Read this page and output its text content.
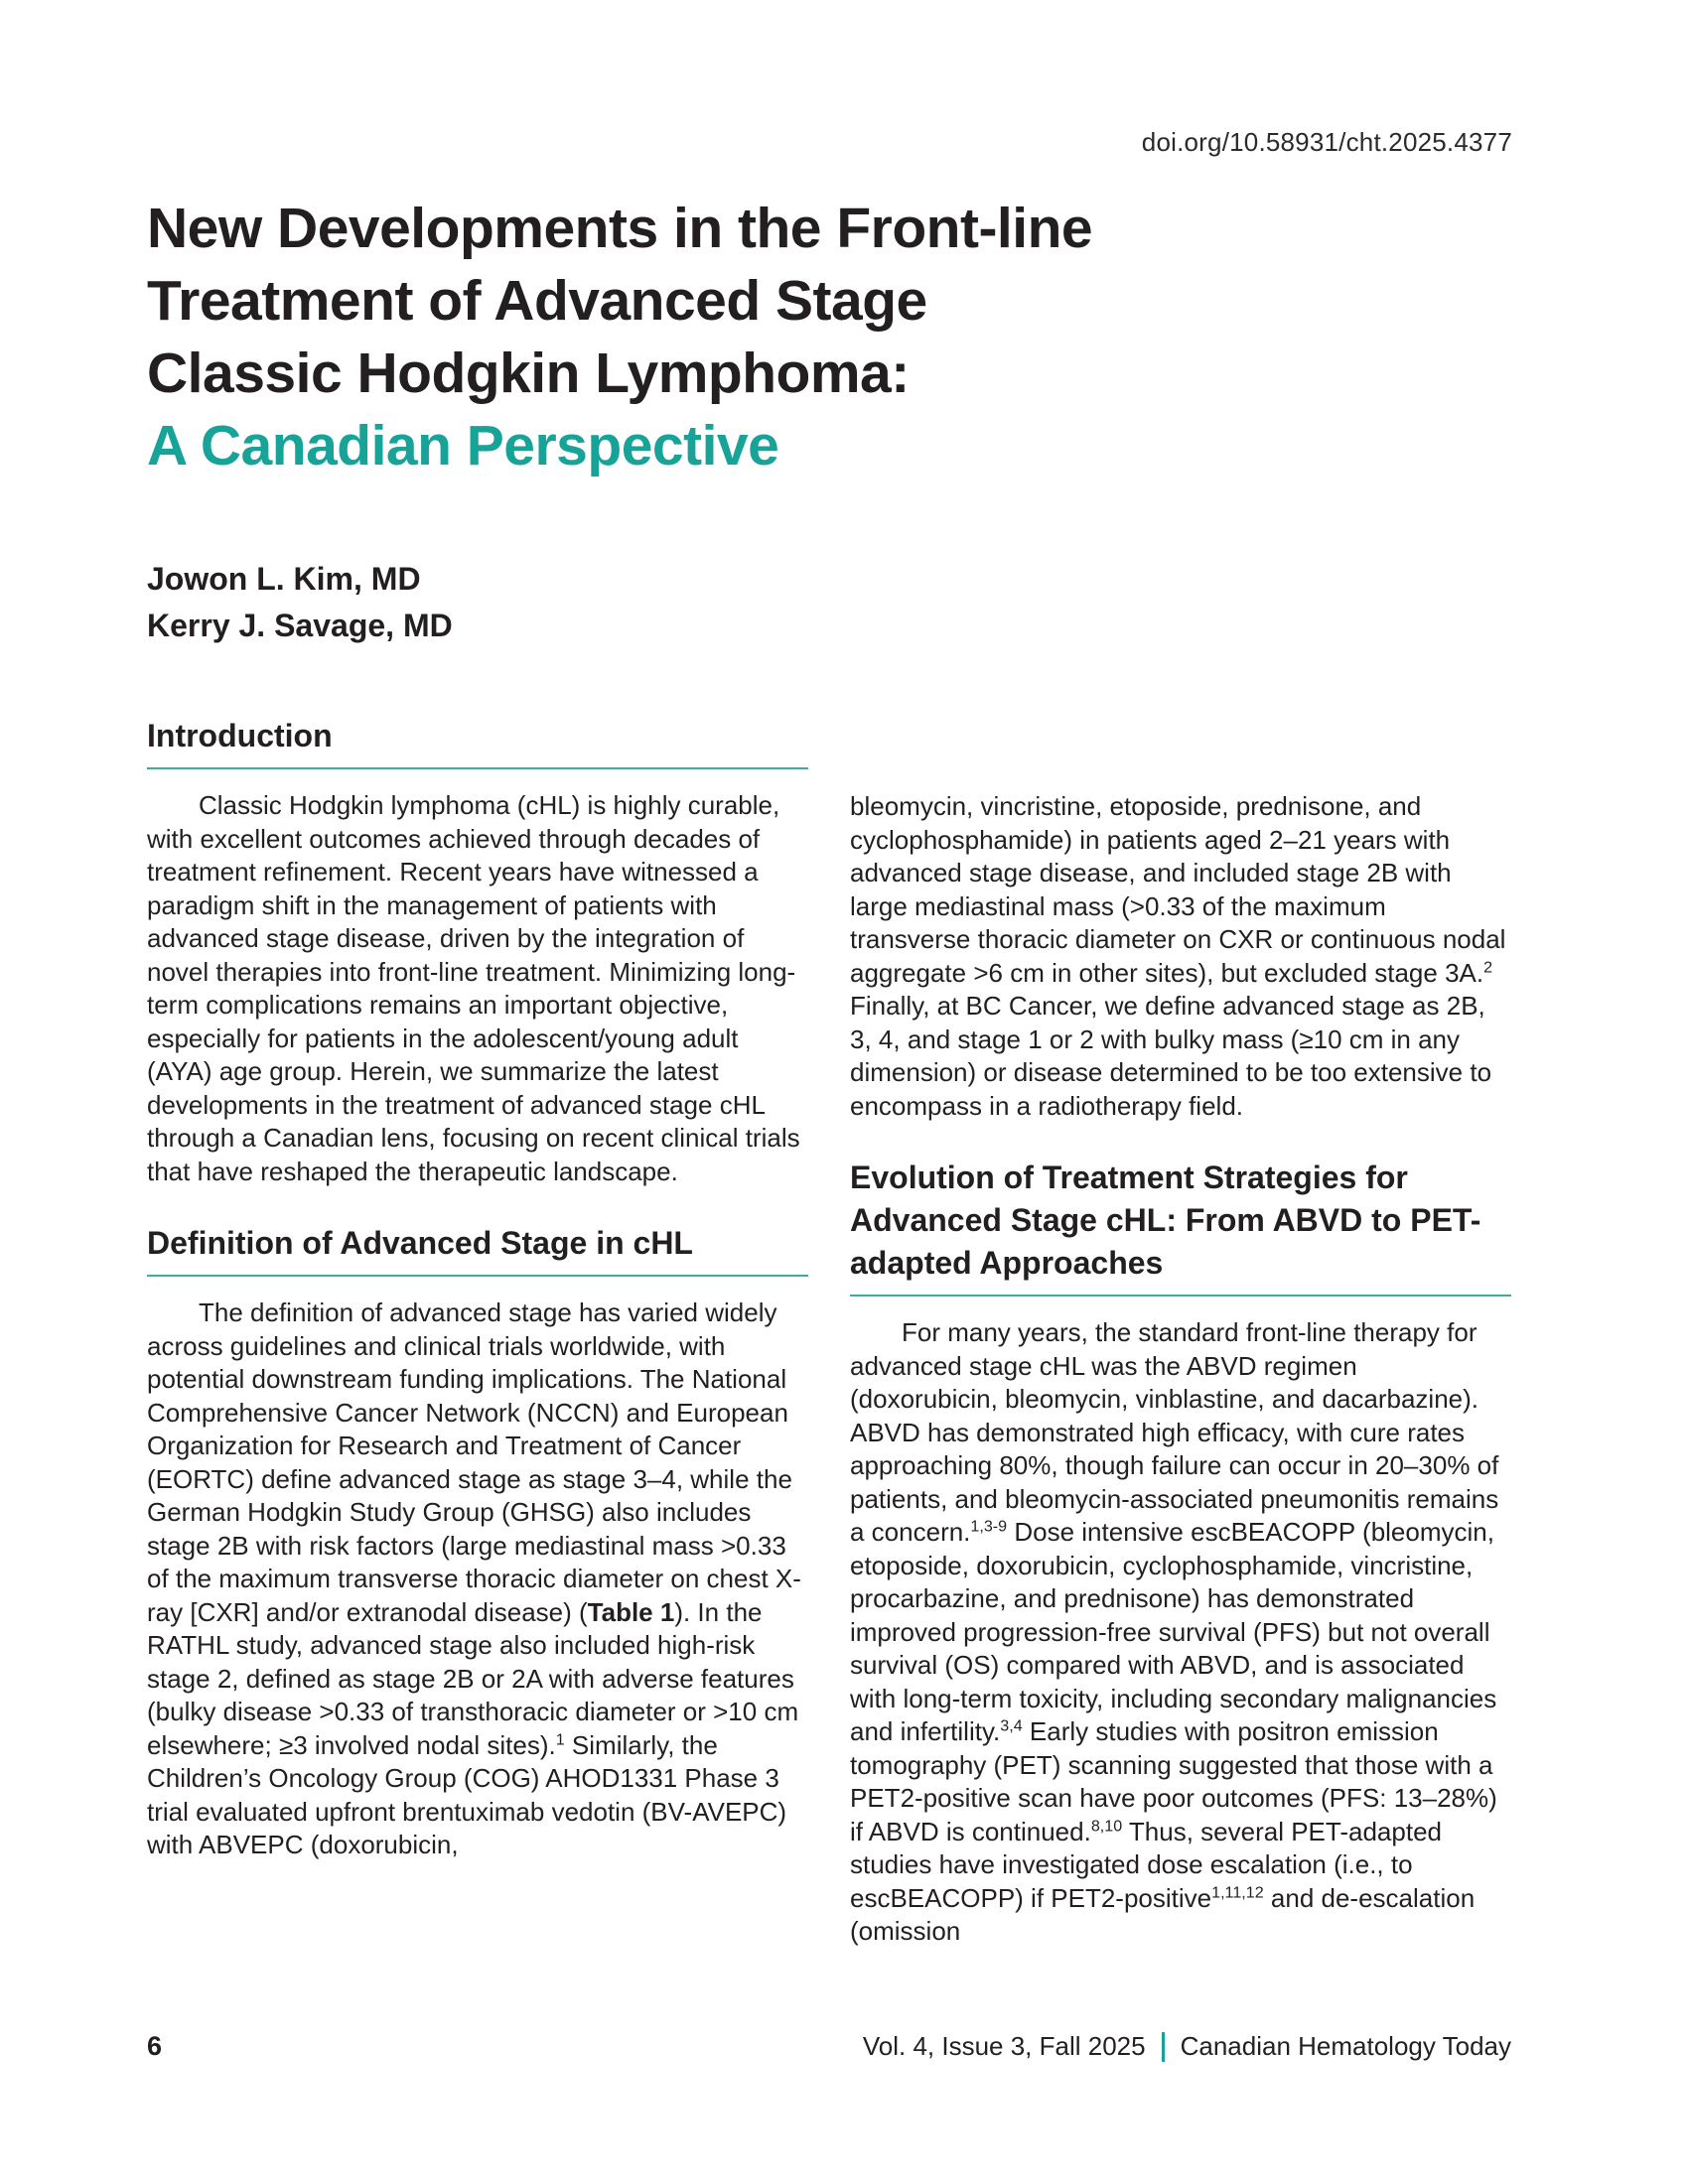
doi.org/10.58931/cht.2025.4377
New Developments in the Front-line
Treatment of Advanced Stage
Classic Hodgkin Lymphoma:
A Canadian Perspective
Jowon L. Kim, MD
Kerry J. Savage, MD
Introduction

Classic Hodgkin lymphoma (cHL) is highly curable, with excellent outcomes achieved through decades of treatment refinement. Recent years have witnessed a paradigm shift in the management of patients with advanced stage disease, driven by the integration of novel therapies into front-line treatment. Minimizing long-term complications remains an important objective, especially for patients in the adolescent/young adult (AYA) age group. Herein, we summarize the latest developments in the treatment of advanced stage cHL through a Canadian lens, focusing on recent clinical trials that have reshaped the therapeutic landscape.

Definition of Advanced Stage in cHL

The definition of advanced stage has varied widely across guidelines and clinical trials worldwide, with potential downstream funding implications. The National Comprehensive Cancer Network (NCCN) and European Organization for Research and Treatment of Cancer (EORTC) define advanced stage as stage 3–4, while the German Hodgkin Study Group (GHSG) also includes stage 2B with risk factors (large mediastinal mass >0.33 of the maximum transverse thoracic diameter on chest X-ray [CXR] and/or extranodal disease) (Table 1). In the RATHL study, advanced stage also included high-risk stage 2, defined as stage 2B or 2A with adverse features (bulky disease >0.33 of transthoracic diameter or >10 cm elsewhere; ≥3 involved nodal sites).$^1$ Similarly, the Children’s Oncology Group (COG) AHOD1331 Phase 3 trial evaluated upfront brentuximab vedotin (BV-AVEPC) with ABVEPC (doxorubicin,

bleomycin, vincristine, etoposide, prednisone, and cyclophosphamide) in patients aged 2–21 years with advanced stage disease, and included stage 2B with large mediastinal mass (>0.33 of the maximum transverse thoracic diameter on CXR or continuous nodal aggregate >6 cm in other sites), but excluded stage 3A.$^2$ Finally, at BC Cancer, we define advanced stage as 2B, 3, 4, and stage 1 or 2 with bulky mass (≥10 cm in any dimension) or disease determined to be too extensive to encompass in a radiotherapy field.

Evolution of Treatment Strategies for Advanced Stage cHL: From ABVD to PET-adapted Approaches

For many years, the standard front-line therapy for advanced stage cHL was the ABVD regimen (doxorubicin, bleomycin, vinblastine, and dacarbazine). ABVD has demonstrated high efficacy, with cure rates approaching 80%, though failure can occur in 20–30% of patients, and bleomycin-associated pneumonitis remains a concern.$^{1,3-9}$ Dose intensive escBEACOPP (bleomycin, etoposide, doxorubicin, cyclophosphamide, vincristine, procarbazine, and prednisone) has demonstrated improved progression-free survival (PFS) but not overall survival (OS) compared with ABVD, and is associated with long-term toxicity, including secondary malignancies and infertility.$^{3,4}$ Early studies with positron emission tomography (PET) scanning suggested that those with a PET2-positive scan have poor outcomes (PFS: 13–28%) if ABVD is continued.$^{8,10}$ Thus, several PET-adapted studies have investigated dose escalation (i.e., to escBEACOPP) if PET2-positive$^{1,11,12}$ and de-escalation (omission

6	Vol. 4, Issue 3, Fall 2025 Canadian Hematology Today
